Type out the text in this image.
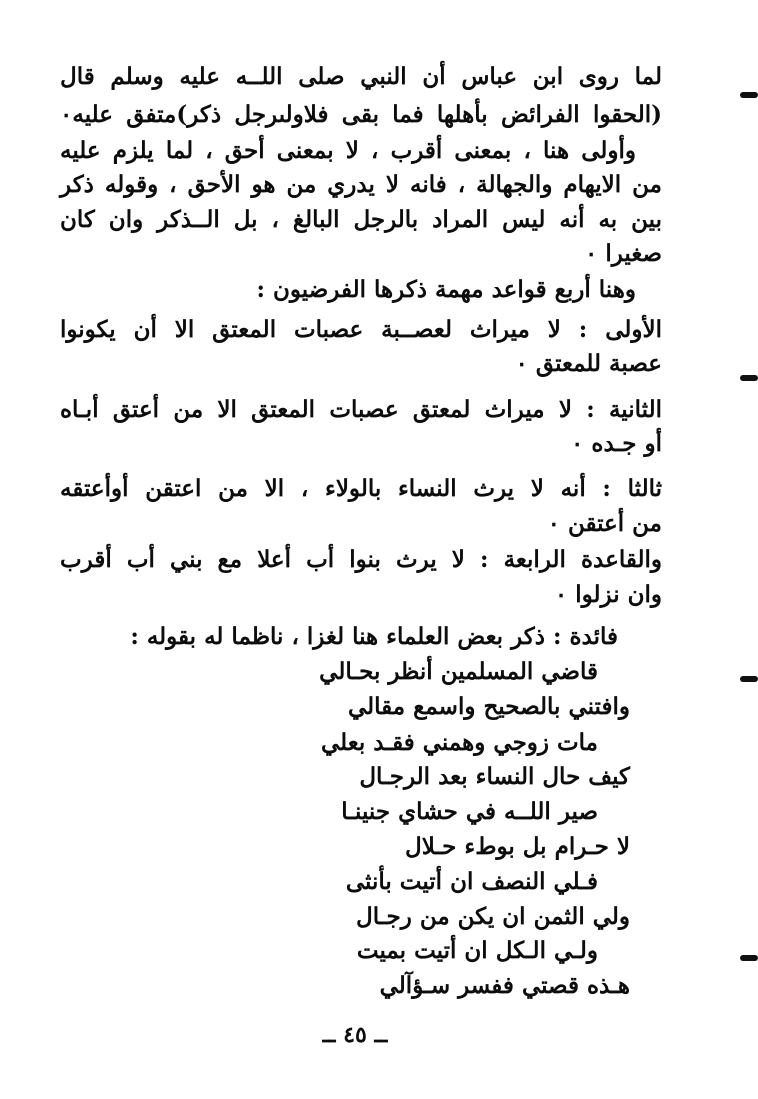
لما روى ابن عباس أن النبي صلى اللــه عليه وسلم قال
(الحقوا الفرائض بأهلها فما بقى فلاولىرجل ذكر)متفق عليه٠
وأولى هنا ، بمعنى أقرب ، لا بمعنى أحق ، لما يلزم عليه
من الايهام والجهالة ، فانه لا يدري من هو الأحق ، وقوله ذكر
بين به أنه ليس المراد بالرجل البالغ ، بل الــذكر وان كان
صغيرا ٠
وهنا أربع قواعد مهمة ذكرها الفرضيون :
الأولى : لا ميراث لعصــبة عصبات المعتق الا أن يكونوا
عصبة للمعتق ٠
الثانية : لا ميراث لمعتق عصبات المعتق الا من أعتق أبـاه
أو جـده ٠
ثالثا : أنه لا يرث النساء بالولاء ، الا من اعتقن أوأعتقه
من أعتقن ٠
والقاعدة الرابعة : لا يرث بنوا أب أعلا مع بني أب أقرب
وان نزلوا ٠
فائدة : ذكر بعض العلماء هنا لغزا ، ناظما له بقوله :
قاضي المسلمين أنظر بحـالي
وافتني بالصحيح واسمع مقالي
مات زوجي وهمني فقـد بعلي
كيف حال النساء بعد الرجـال
صير اللــه في حشاي جنينـا
لا حـرام بل بوطء حـلال
فـلي النصف ان أتيت بأنثى
ولي الثمن ان يكن من رجـال
ولـي الـكل ان أتيت بميت
هـذه قصتي ففسر سـؤآلي
ــ ٤٥ ــ
